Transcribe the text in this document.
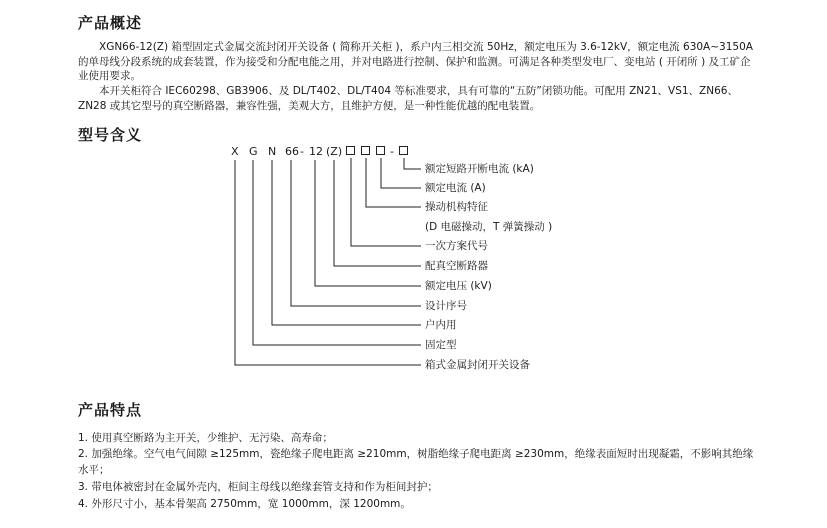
产品概述

XGN66-12(Z) 箱型固定式金属交流封闭开关设备 ( 简称开关柜 )，系户内三相交流 50Hz，额定电压为 3.6-12kV，额定电流 630A~3150A 的单母线分段系统的成套装置，作为接受和分配电能之用，并对电路进行控制、保护和监测。可满足各种类型发电厂、变电站 ( 开闭所 ) 及工矿企业使用要求。

本开关柜符合 IEC60298、GB3906、及 DL/T402、DL/T404 等标准要求，具有可靠的“五防”闭锁功能。可配用 ZN21、VS1、ZN66、ZN28 或其它型号的真空断路器，兼容性强，美观大方，且维护方便，是一种性能优越的配电装置。

型号含义
X G N 66 - 12 (Z)	-
额定短路开断电流 (kA)
额定电流 (A)
操动机构特征
(D 电磁操动，T 弹簧操动 )
一次方案代号
配真空断路器
额定电压 (kV)
设计序号
户内用
固定型
箱式金属封闭开关设备
产品特点

1. 使用真空断路为主开关，少维护、无污染、高寿命；

2. 加强绝缘。空气电气间隙 ≥125mm，瓷绝缘子爬电距离 ≥210mm，树脂绝缘子爬电距离 ≥230mm，绝缘表面短时出现凝霜，不影响其绝缘水平；

3. 带电体被密封在金属外壳内，柜间主母线以绝缘套管支持和作为柜间封护；

4. 外形尺寸小，基本骨架高 2750mm，宽 1000mm，深 1200mm。
